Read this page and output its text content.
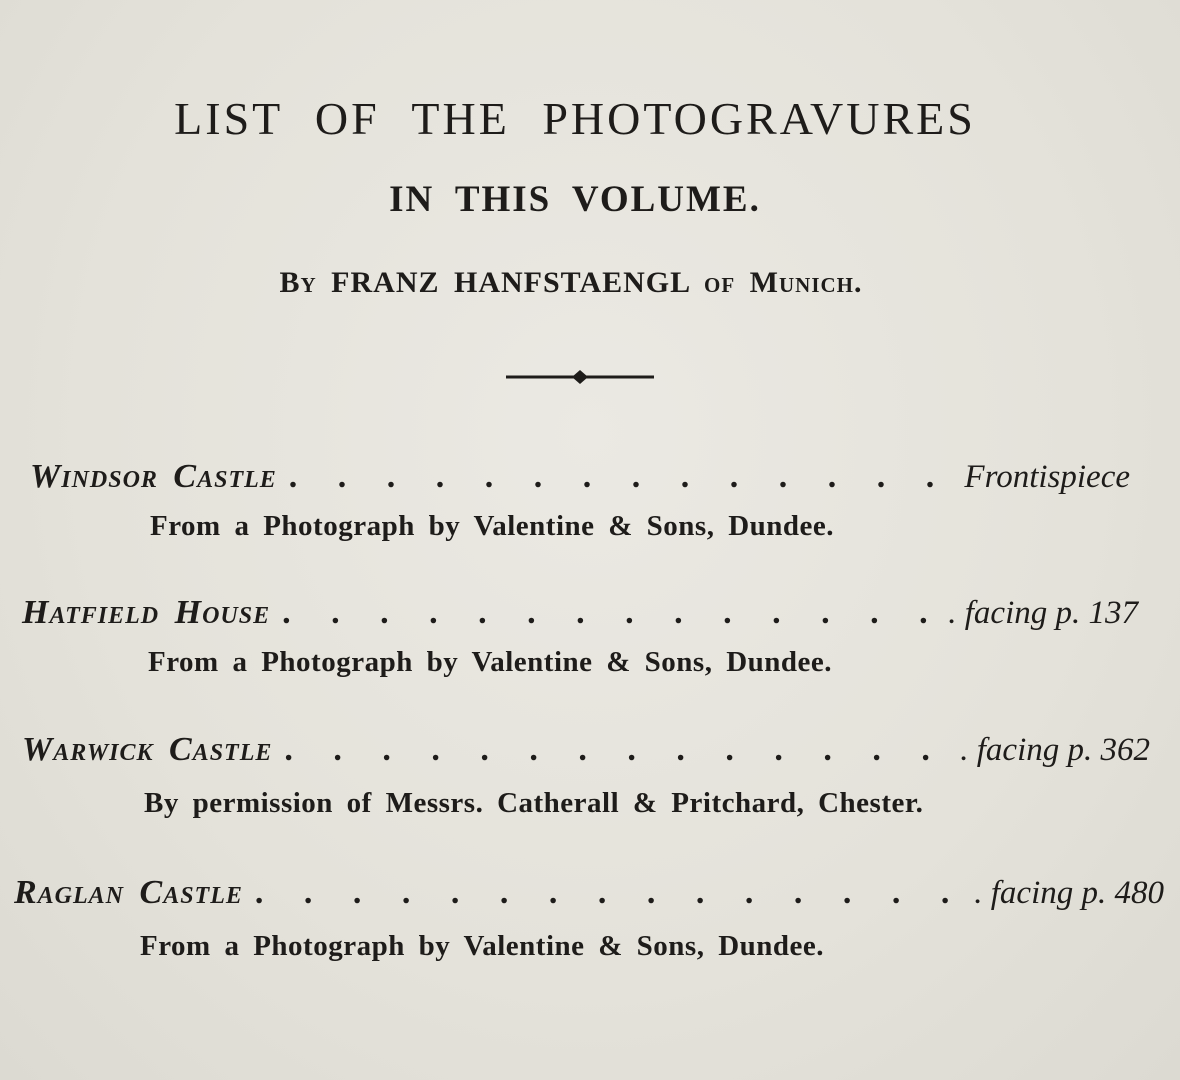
LIST OF THE PHOTOGRAVURES
IN THIS VOLUME.
By FRANZ HANFSTAENGL of Munich.
Windsor Castle . . .	Frontispiece
From a Photograph by Valentine & Sons, Dundee.
Hatfield House . . .	. facing p. 137
From a Photograph by Valentine & Sons, Dundee.
Warwick Castle . . .	. facing p. 362
By permission of Messrs. Catherall & Pritchard, Chester.
Raglan Castle . . .	. facing p. 480
From a Photograph by Valentine & Sons, Dundee.
